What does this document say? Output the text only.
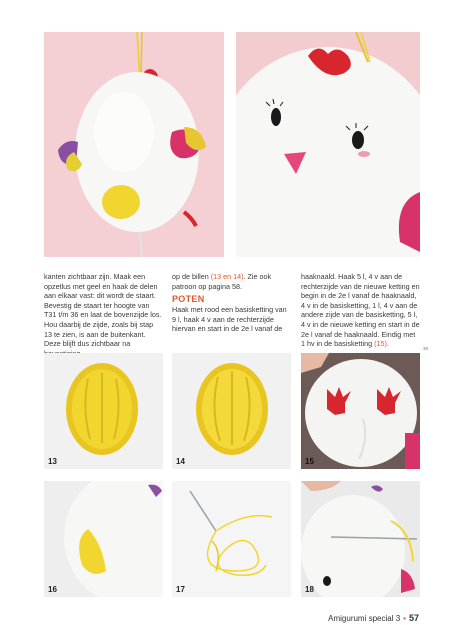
kanten zichtbaar zijn. Maak een opzetlus met geel en haak de delen aan elkaar vast: dit wordt de staart. Bevestig de staart ter hoogte van T31 t/m 36 en laat de bovenzijde los. Hou daarbij de zijde, zoals bij stap 13 te zien, is aan de buitenkant. Deze blijft dus zichtbaar na

op de billen (13 en 14). Zie ook patroon op pagina 58.

POTEN

Haak met rood een basisketting van 9 l, haak 4 v aan de rechterzijde hiervan en start in de 2e l vanaf de

haaknaald. Haak 5 l, 4 v aan de rechterzijde van de nieuwe ketting en begin in de 2e l vanaf de haaknaald, 4 v in de basisketting, 1 l, 4 v aan de andere zijde van de basisketting, 5 l, 4 v in de nieuwe ketting en start in de 2e l vanaf de haaknaald. Eindig met 1 hv in de basisketting (15).

39
13	14	15
16	17	18
Amigurumi special 3 • 57
